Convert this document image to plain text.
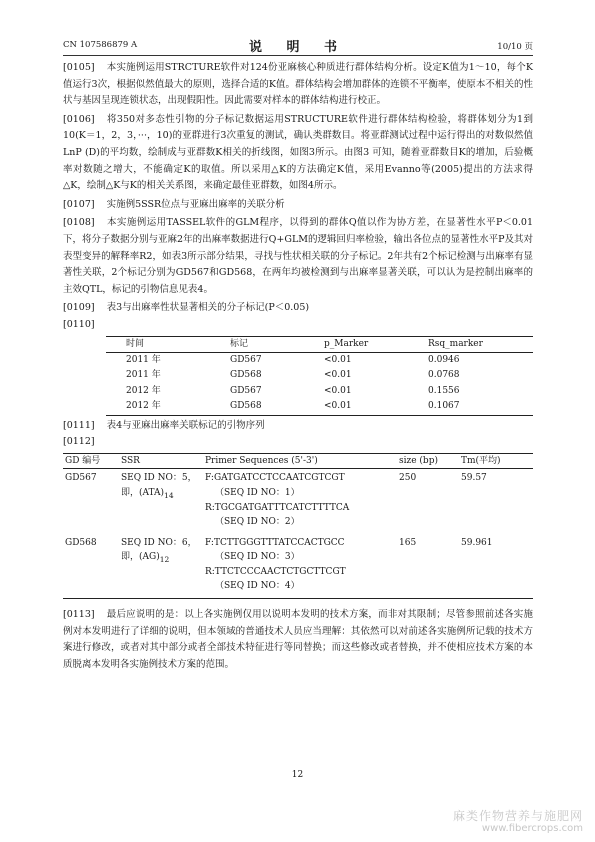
CN 107586879 A	说 明 书	10/10 页

[0105] 本实施例运用STRCTURE软件对124份亚麻核心种质进行群体结构分析。设定K值为1～10，每个K值运行3次，根据似然值最大的原则，选择合适的K值。群体结构会增加群体的连锁不平衡率，使原本不相关的性状与基因呈现连锁状态，出现假阳性。因此需要对样本的群体结构进行校正。

[0106] 将350对多态性引物的分子标记数据运用STRUCTURE软件进行群体结构检验，将群体划分为1到10(K＝1，2，3，···，10)的亚群进行3次重复的测试，确认类群数目。将亚群测试过程中运行得出的对数似然值LnP (D)的平均数，绘制成与亚群数K相关的折线图，如图3所示。由图3 可知，随着亚群数目K的增加，后验概率对数随之增大，不能确定K的取值。所以采用△K的方法确定K值，采用Evanno等(2005)提出的方法求得△K，绘制△K与K的相关关系图，来确定最佳亚群数，如图4所示。

[0107] 实施例5SSR位点与亚麻出麻率的关联分析

[0108] 本实施例运用TASSEL软件的GLM程序，以得到的群体Q值以作为协方差，在显著性水平P＜0.01下，将分子数据分别与亚麻2年的出麻率数据进行Q+GLM的逻辑回归率检验，输出各位点的显著性水平P及其对表型变异的解释率R2，如表3所示部分结果，寻找与性状相关联的分子标记。2年共有2个标记检测与出麻率有显著性关联，2个标记分别为GD567和GD568，在两年均被检测到与出麻率显著关联，可以认为是控制出麻率的主效QTL，标记的引物信息见表4。

[0109] 表3与出麻率性状显著相关的分子标记(P＜0.05)

[0110]

时间	标记	p_Marker	Rsq_marker
2011 年	GD567	<0.01	0.0946
2011 年	GD568	<0.01	0.0768
2012 年	GD567	<0.01	0.1556
2012 年	GD568	<0.01	0.1067

[0111] 表4与亚麻出麻率关联标记的引物序列

[0112]

GD 编号	SSR	Primer Sequences (5'-3')	size (bp)	Tm(平均)
GD567	SEQ ID NO：5，
即，$(ATA)_{14}$	F:GATGATCCTCCAATCGTCGT
（SEQ ID NO：1）
R:TGCGATGATTTCATCTTTTCA
（SEQ ID NO：2）	250	59.57
GD568	SEQ ID NO：6，
即，$(AG)_{12}$	F:TCTTGGGTTTATCCACTGCC
（SEQ ID NO：3）
R:TTCTCCCAACTCTGCTTCGT
（SEQ ID NO：4）	165	59.961

[0113] 最后应说明的是：以上各实施例仅用以说明本发明的技术方案，而非对其限制；尽管参照前述各实施例对本发明进行了详细的说明，但本领域的普通技术人员应当理解：其依然可以对前述各实施例所记载的技术方案进行修改，或者对其中部分或者全部技术特征进行等同替换；而这些修改或者替换，并不使相应技术方案的本质脱离本发明各实施例技术方案的范围。

12
麻类作物营养与施肥网
www.fibercrops.com
